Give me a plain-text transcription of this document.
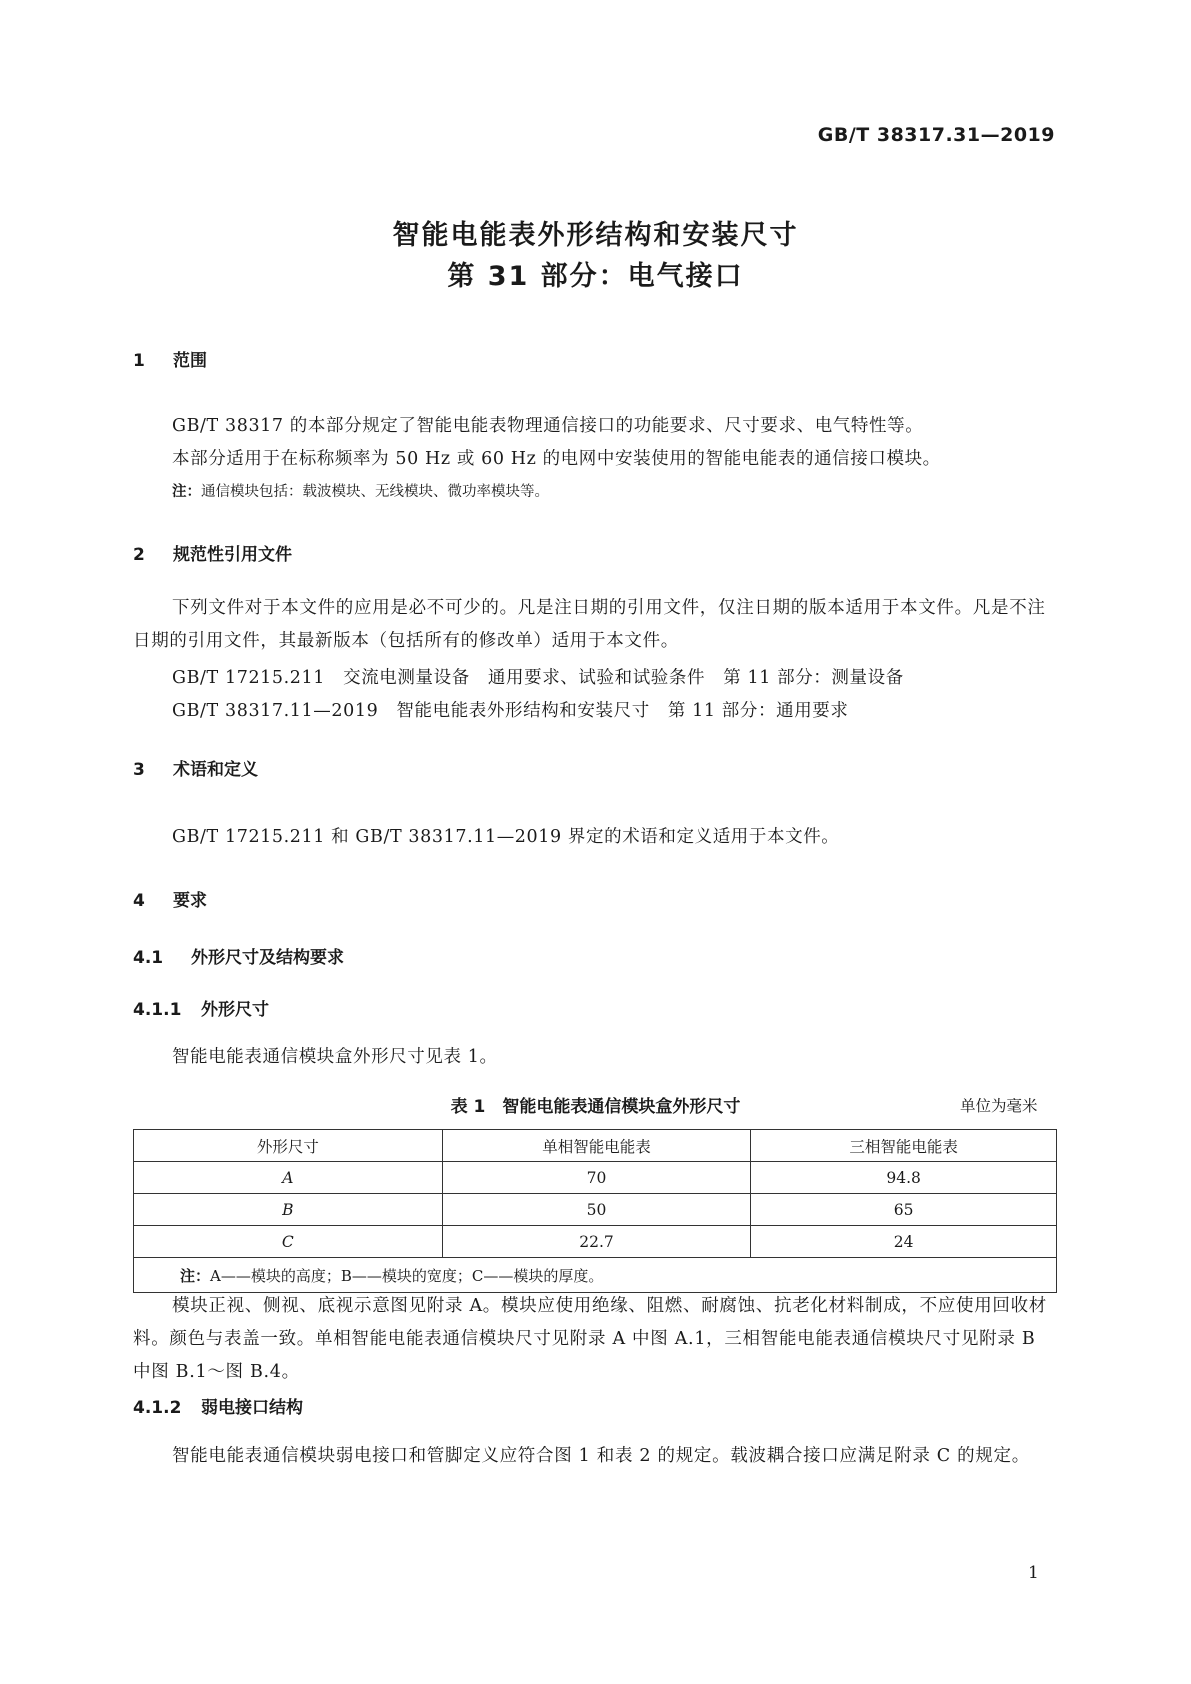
GB/T 38317.31—2019
智能电能表外形结构和安装尺寸
第 31 部分：电气接口
1 范围
GB/T 38317 的本部分规定了智能电能表物理通信接口的功能要求、尺寸要求、电气特性等。
本部分适用于在标称频率为 50 Hz 或 60 Hz 的电网中安装使用的智能电能表的通信接口模块。
注：通信模块包括：载波模块、无线模块、微功率模块等。
2 规范性引用文件
下列文件对于本文件的应用是必不可少的。凡是注日期的引用文件，仅注日期的版本适用于本文件。凡是不注日期的引用文件，其最新版本（包括所有的修改单）适用于本文件。
GB/T 17215.211　交流电测量设备　通用要求、试验和试验条件　第 11 部分：测量设备
GB/T 38317.11—2019　智能电能表外形结构和安装尺寸　第 11 部分：通用要求
3 术语和定义
GB/T 17215.211 和 GB/T 38317.11—2019 界定的术语和定义适用于本文件。
4 要求
4.1 外形尺寸及结构要求
4.1.1 外形尺寸
智能电能表通信模块盒外形尺寸见表 1。
表 1　智能电能表通信模块盒外形尺寸	单位为毫米
外形尺寸	单相智能电能表	三相智能电能表
A	70	94.8
B	50	65
C	22.7	24
注：A——模块的高度；B——模块的宽度；C——模块的厚度。		
模块正视、侧视、底视示意图见附录 A。模块应使用绝缘、阻燃、耐腐蚀、抗老化材料制成，不应使用回收材料。颜色与表盖一致。单相智能电能表通信模块尺寸见附录 A 中图 A.1，三相智能电能表通信模块尺寸见附录 B 中图 B.1～图 B.4。
4.1.2 弱电接口结构
智能电能表通信模块弱电接口和管脚定义应符合图 1 和表 2 的规定。载波耦合接口应满足附录 C 的规定。
1
